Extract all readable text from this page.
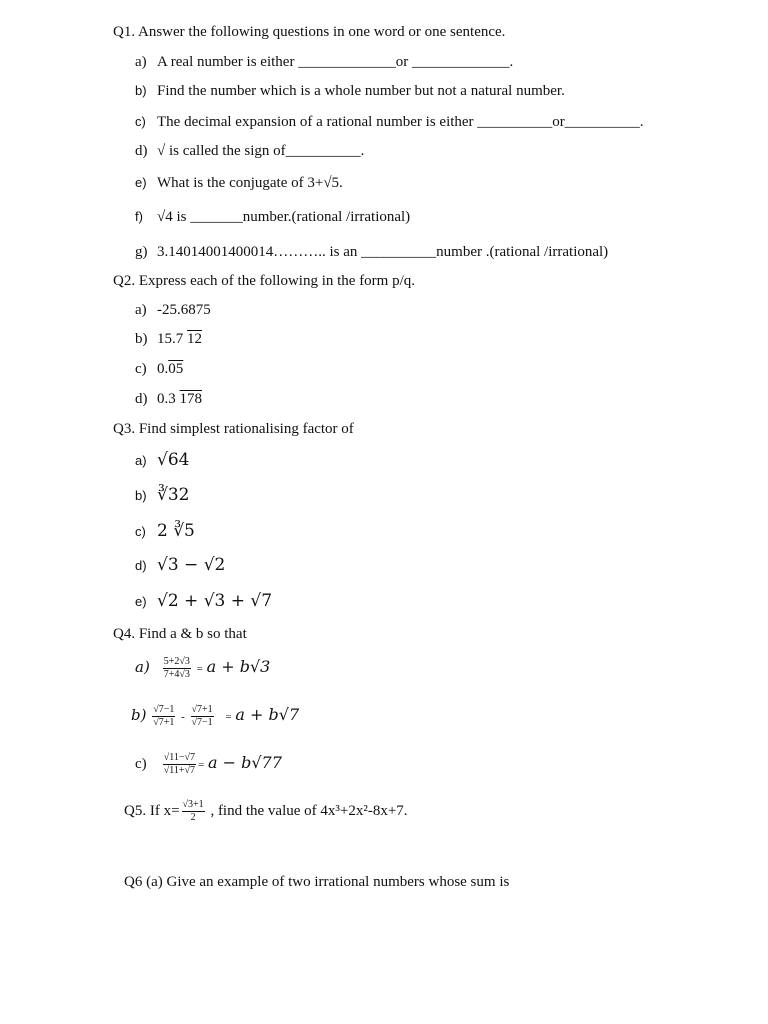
Q1. Answer the following questions in one word or one sentence.
a) A real number is either _____________or _____________.
b) Find the number which is a whole number but not a natural number.
c) The decimal expansion of a rational number is either __________or__________.
d) √ is called the sign of__________.
e) What is the conjugate of 3+√5.
f) √4 is _______number.(rational /irrational)
g) 3.14014001400014……….. is an __________number .(rational /irrational)
Q2. Express each of the following in the form p/q.
a) -25.6875
b) 15.7 12
c) 0.05
d) 0.3 178
Q3. Find simplest rationalising factor of
a) √64
b) ∛32
c) 2 ∛5
d) √3 − √2
e) √2 + √3 + √7
Q4. Find a & b so that
$a) \frac{5+2√3}{7+4√3} = a + b√3$
$b) \frac{√7-1}{√7+1} - \frac{√7+1}{√7-1} = a + b√7$
$c) \frac{√11-√7}{√11+√7} = a - b√77$
Q5. If $x= \frac{√3+1}{2}$ , find the value of 4x³+2x²-8x+7.
Q6 (a) Give an example of two irrational numbers whose sum is
